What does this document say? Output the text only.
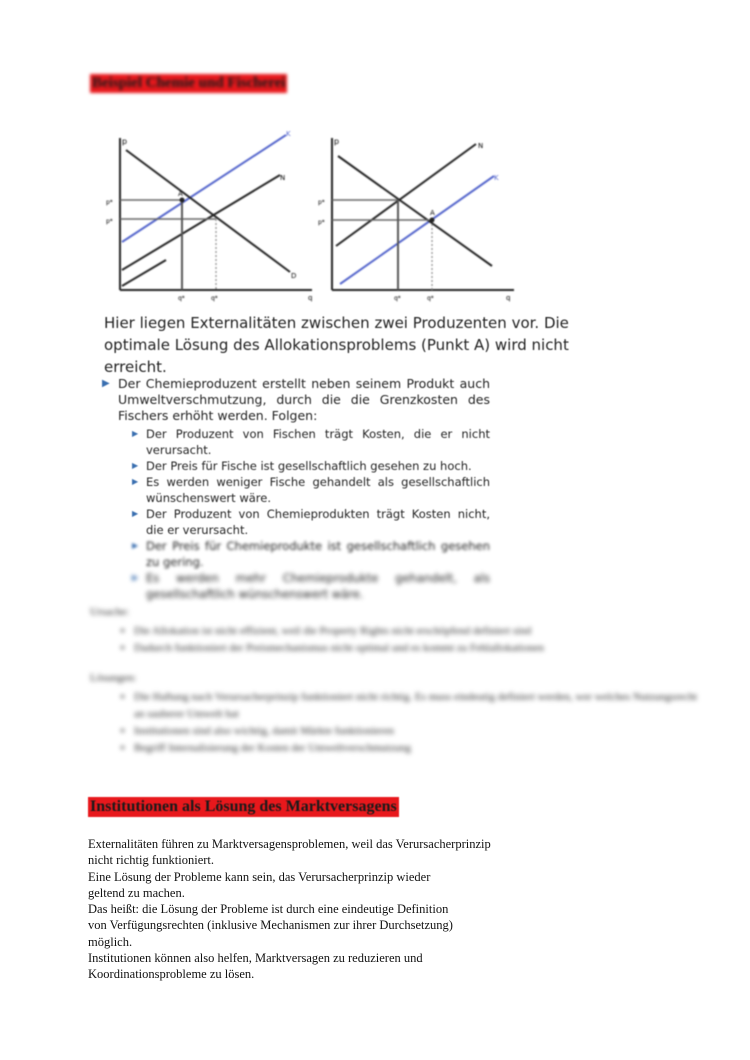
Beispiel Chemie und Fischerei
p
q
K
N
D
A
p*
p*
q*	q*
p
q
N
K
A
p*
p*
q*	q*
Hier liegen Externalitäten zwischen zwei Produzenten vor. Die optimale Lösung des Allokationsproblems (Punkt A) wird nicht erreicht.
▶ Der Chemieproduzent erstellt neben seinem Produkt auch Umweltverschmutzung, durch die die Grenzkosten des Fischers erhöht werden. Folgen:
▶ Der Produzent von Fischen trägt Kosten, die er nicht verursacht.
▶ Der Preis für Fische ist gesellschaftlich gesehen zu hoch.
▶ Es werden weniger Fische gehandelt als gesellschaftlich wünschenswert wäre.
▶ Der Produzent von Chemieprodukten trägt Kosten nicht, die er verursacht.
▶ Der Preis für Chemieprodukte ist gesellschaftlich gesehen zu gering.
▶ Es werden mehr Chemieprodukte gehandelt, als gesellschaftlich wünschenswert wäre.
Ursache:
• Die Allokation ist nicht effizient, weil die Property Rights nicht erschöpfend definiert sind
• Dadurch funktioniert der Preismechanismus nicht optimal und es kommt zu Fehlallokationen
Lösungen:
• Die Haftung nach Verursacherprinzip funktioniert nicht richtig. Es muss eindeutig definiert werden, wer welches Nutzungsrecht an sauberer Umwelt hat
• Institutionen sind also wichtig, damit Märkte funktionieren
• Begriff Internalisierung der Kosten der Umweltverschmutzung
Institutionen als Lösung des Marktversagens
Externalitäten führen zu Marktversagensproblemen, weil das Verursacherprinzip
nicht richtig funktioniert.
Eine Lösung der Probleme kann sein, das Verursacherprinzip wieder
geltend zu machen.
Das heißt: die Lösung der Probleme ist durch eine eindeutige Definition
von Verfügungsrechten (inklusive Mechanismen zur ihrer Durchsetzung)
möglich.
Institutionen können also helfen, Marktversagen zu reduzieren und
Koordinationsprobleme zu lösen.
